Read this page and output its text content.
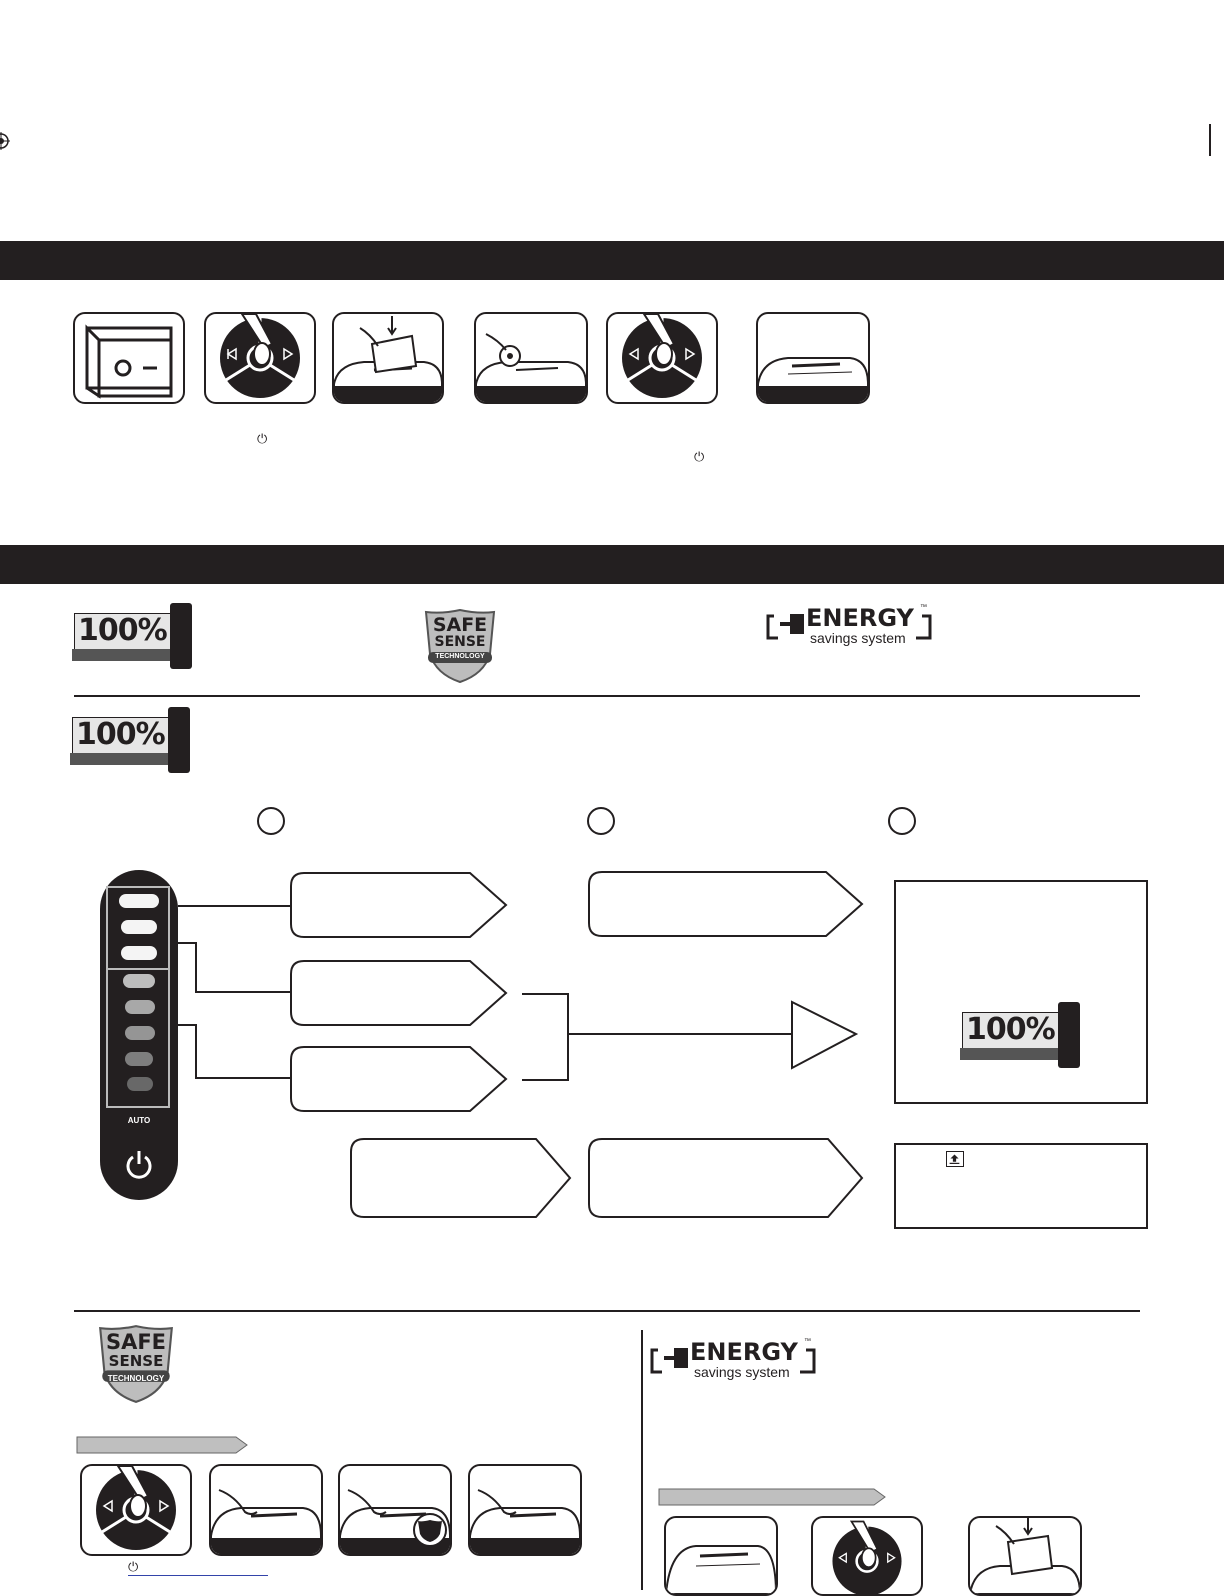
⏻
⏻
100%	SAFE
SENSE
TECHNOLOGY
ENERGY ™
savings system
100%
AUTO
100%
SAFE
SENSE
TECHNOLOGY
⏻
ENERGY ™
savings system
